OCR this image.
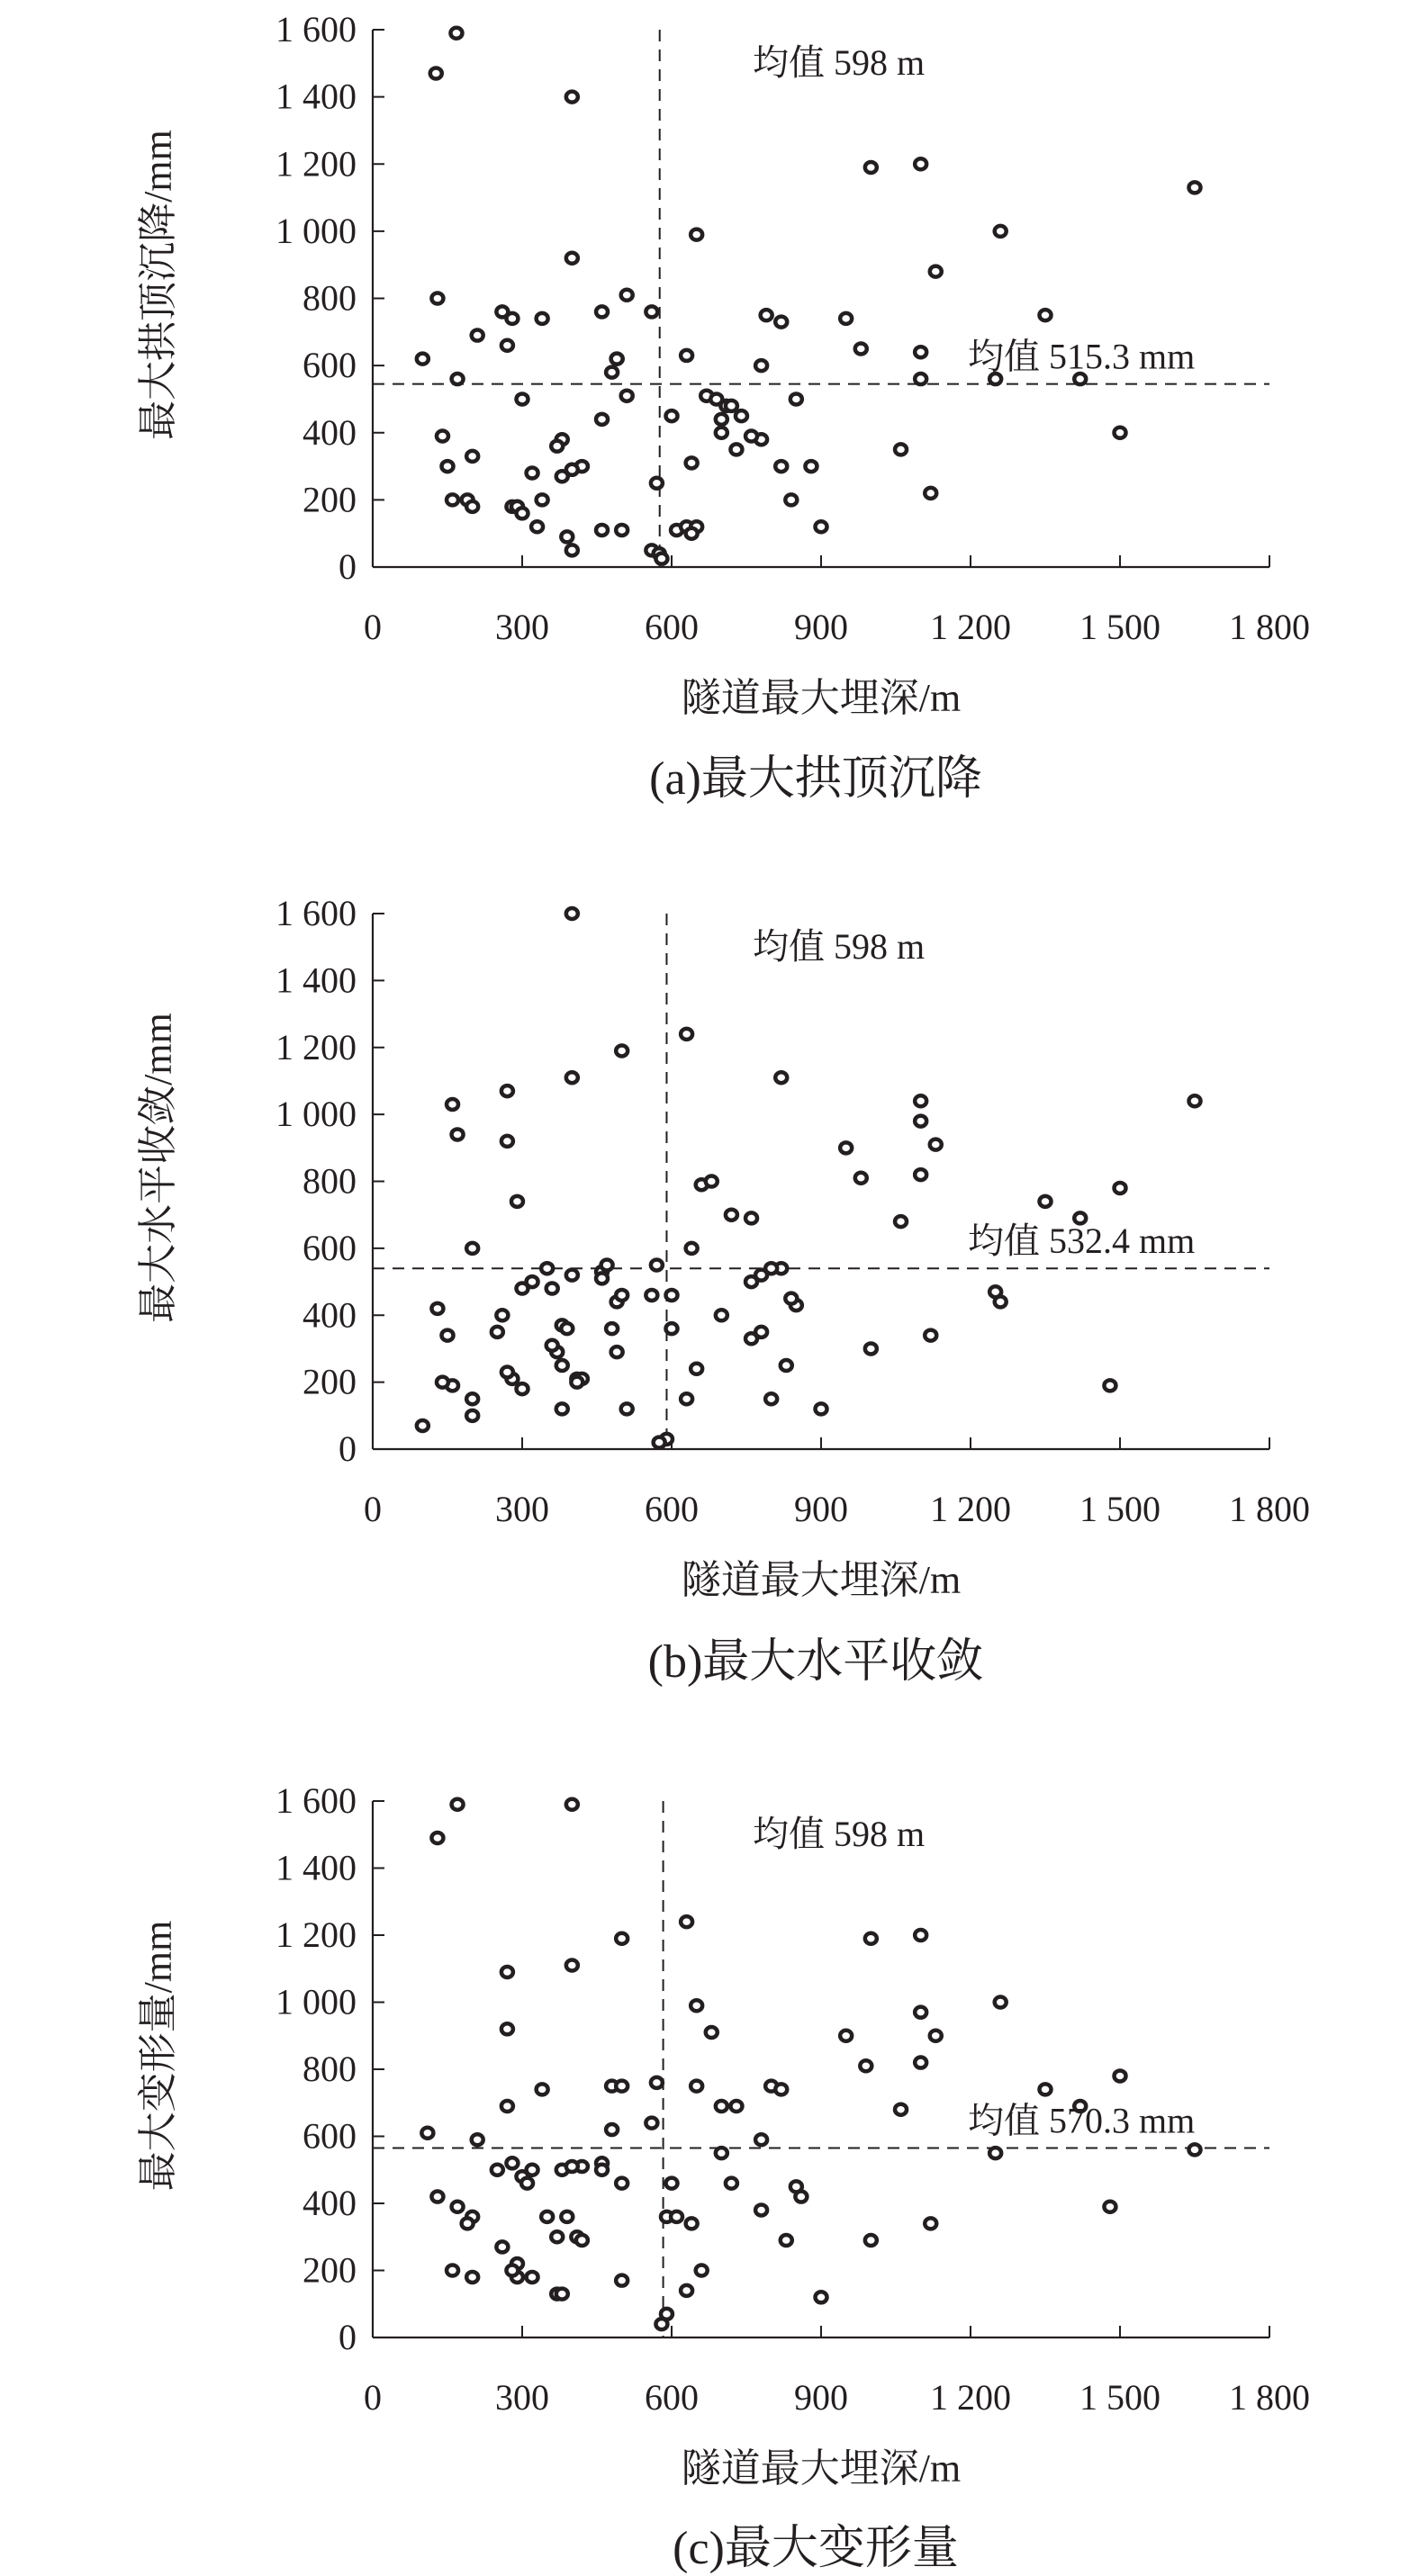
0
200
400
600
800
1 000
1 200
1 400
1 600
0	300	600	900 1 200 1 500 1 800
均值 598 m
均值 515.3 mm
隧道最大埋深/m
最大拱顶沉降/mm
(a)最大拱顶沉降
0
200
400
600
800
1 000
1 200
1 400
1 600
0	300	600	900 1 200 1 500 1 800
均值 598 m
均值 532.4 mm
隧道最大埋深/m
最大水平收敛/mm
(b)最大水平收敛
0
200
400
600
800
1 000
1 200
1 400
1 600
0	300	600	900 1 200 1 500 1 800
均值 598 m
均值 570.3 mm
隧道最大埋深/m
最大变形量/mm
(c)最大变形量
